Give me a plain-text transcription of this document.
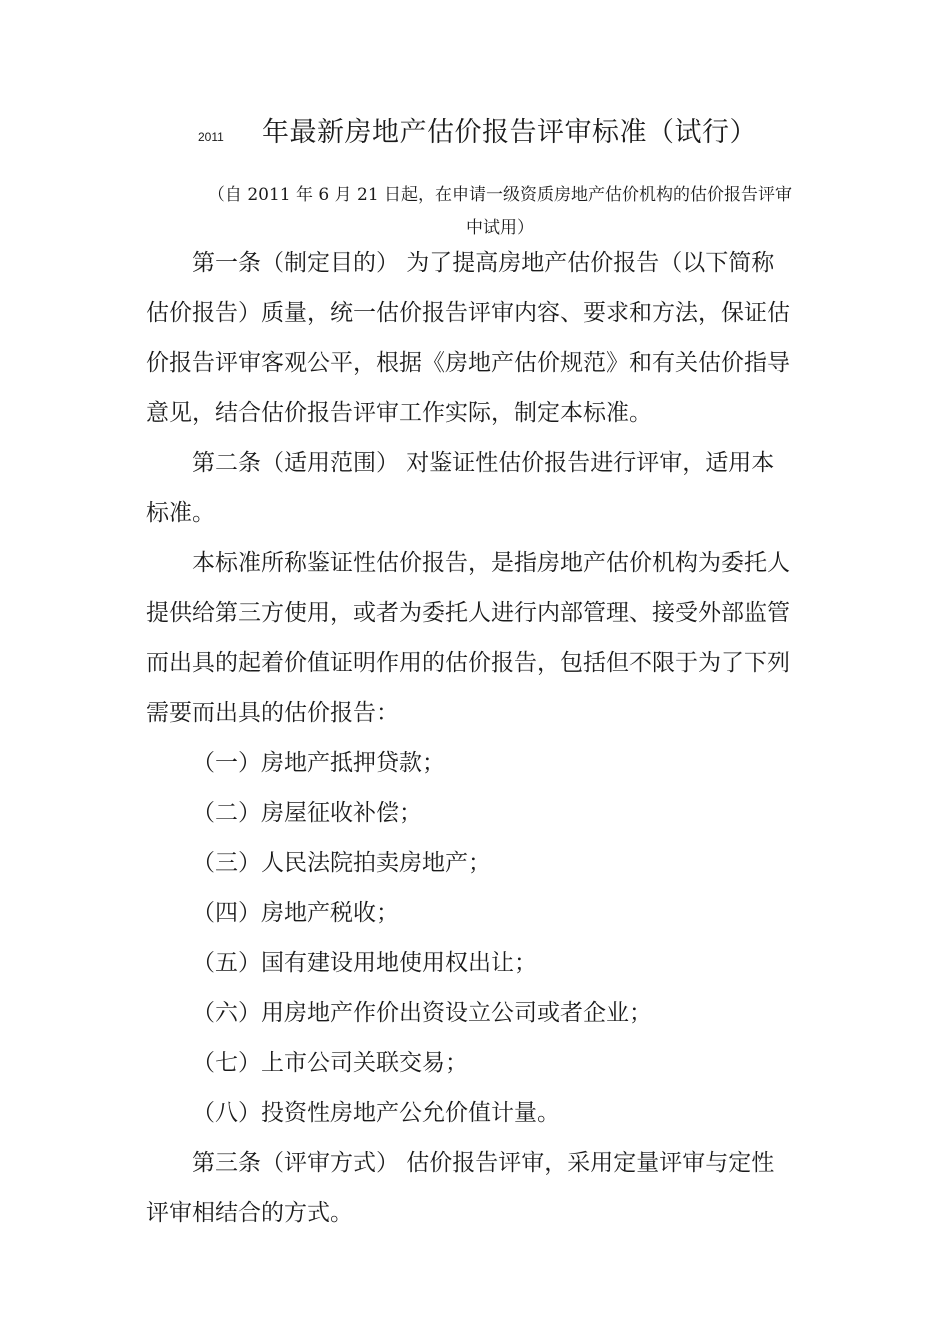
2011 年最新房地产估价报告评审标准（试行）
（自 2011 年 6 月 21 日起，在申请一级资质房地产估价机构的估价报告评审
中试用）
第一条（制定目的） 为了提高房地产估价报告（以下简称
估价报告）质量，统一估价报告评审内容、要求和方法，保证估
价报告评审客观公平，根据《房地产估价规范》和有关估价指导
意见，结合估价报告评审工作实际，制定本标准。
第二条（适用范围） 对鉴证性估价报告进行评审，适用本
标准。
本标准所称鉴证性估价报告，是指房地产估价机构为委托人
提供给第三方使用，或者为委托人进行内部管理、接受外部监管
而出具的起着价值证明作用的估价报告，包括但不限于为了下列
需要而出具的估价报告：
（一）房地产抵押贷款；
（二）房屋征收补偿；
（三）人民法院拍卖房地产；
（四）房地产税收；
（五）国有建设用地使用权出让；
（六）用房地产作价出资设立公司或者企业；
（七）上市公司关联交易；
（八）投资性房地产公允价值计量。
第三条（评审方式） 估价报告评审，采用定量评审与定性
评审相结合的方式。
